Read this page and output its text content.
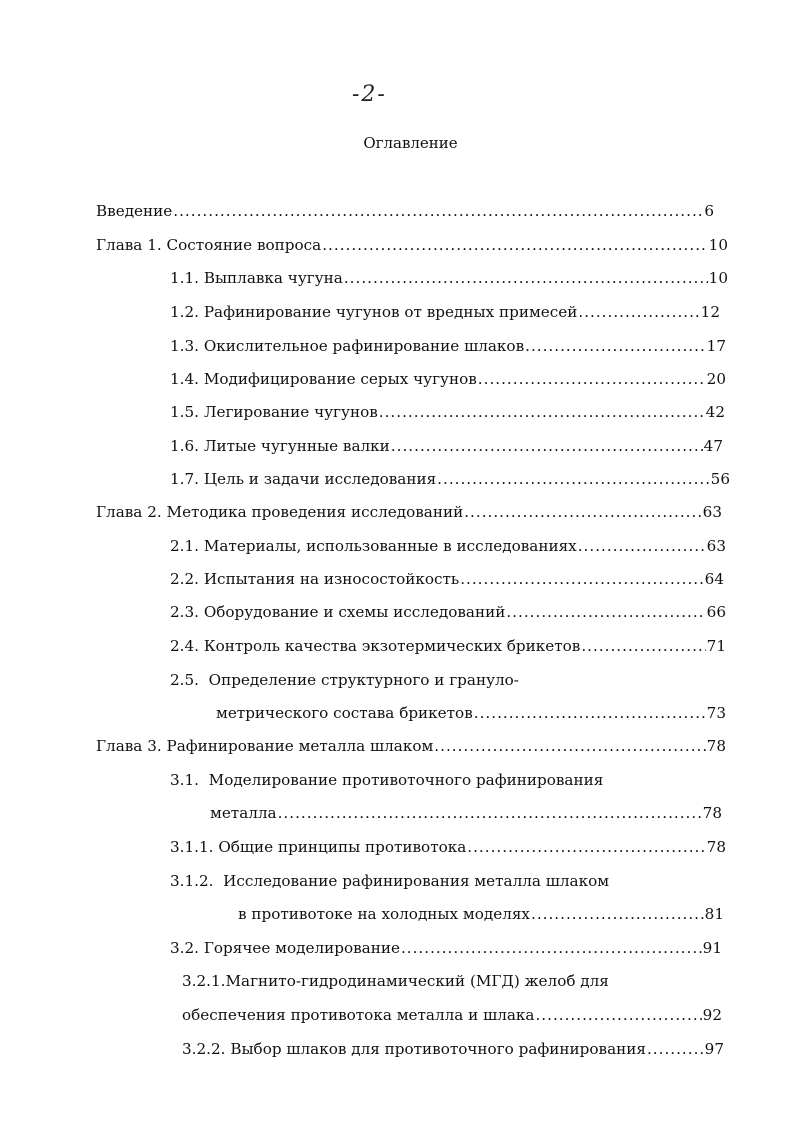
-2-
Оглавление
Введение .....	6
Глава 1.
Состояние вопроса .....	10
1.1.
Выплавка чугуна .....	10
1.2.
Рафинирование чугунов от вредных примесей .....	12
1.3.
Окислительное рафинирование шлаков .....	17
1.4.
Модифицирование серых чугунов .....	20
1.5.
Легирование чугунов .....	42
1.6.
Литые чугунные валки .....	47
1.7.
Цель и задачи исследования .....	56
Глава 2.
Методика проведения исследований .....	63
2.1.
Материалы, использованные в исследованиях .....	63
2.2.
Испытания на износостойкость .....	64
2.3.
Оборудование и схемы исследований .....	66
2.4.
Контроль качества экзотермических брикетов .....	71
2.5. Определение структурного и грануло-
метрического состава брикетов .....	73
Глава 3.
Рафинирование металла шлаком .....	78
3.1. Моделирование противоточного рафинирования
металла .....	78
3.1.1.
Общие принципы противотока .....	78
3.1.2. Исследование рафинирования металла шлаком
в противотоке на холодных моделях .....	81
3.2.
Горячее моделирование .....	91
3.2.1.Магнито-гидродинамический (МГД) желоб для
обеспечения противотока металла и шлака .....	92
3.2.2.
Выбор шлаков для противоточного рафинирования .....	97
